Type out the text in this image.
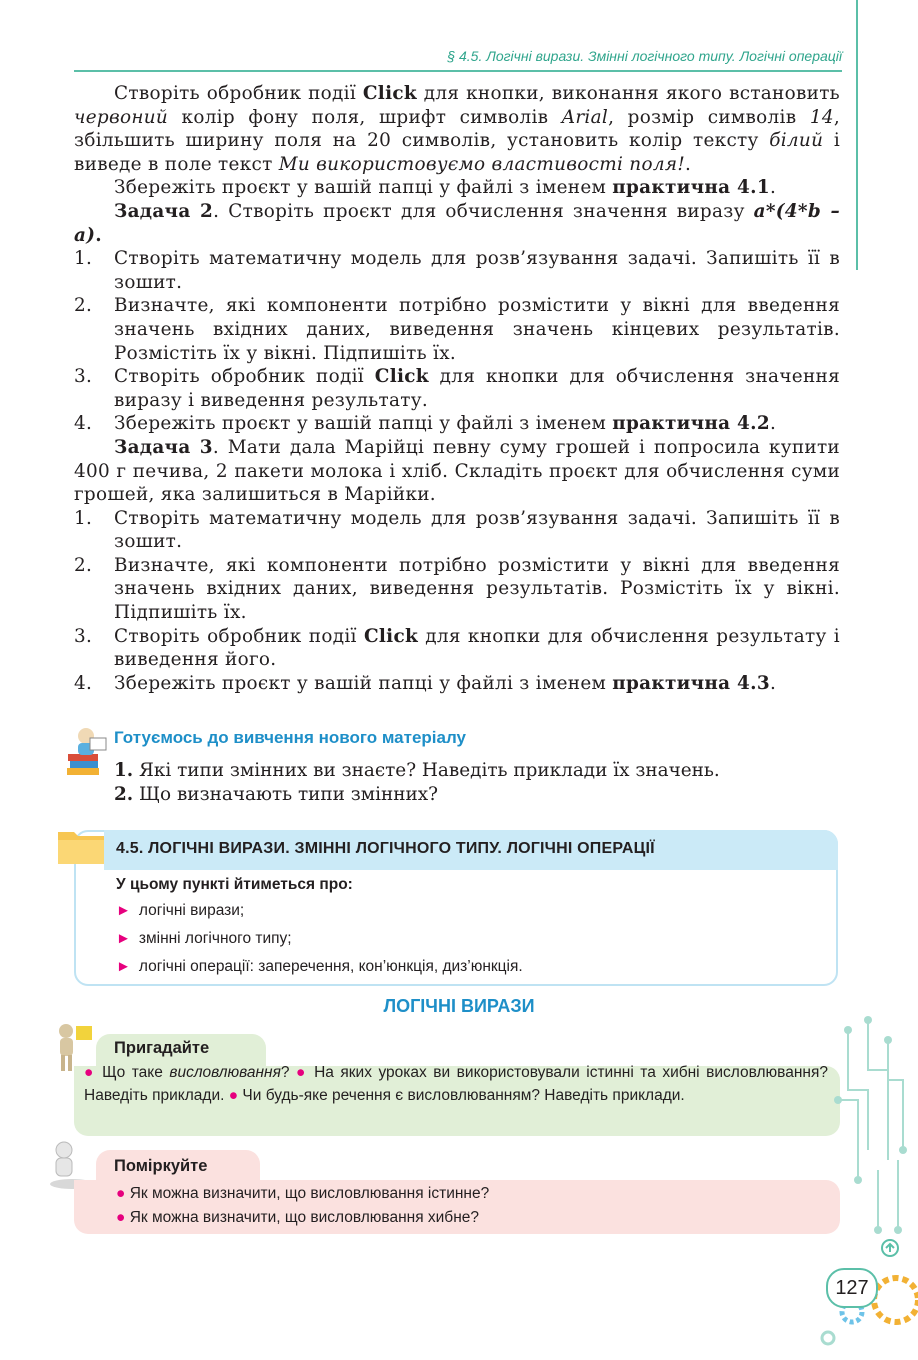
§ 4.5. Логічні вирази. Змінні логічного типу. Логічні операції

Створіть обробник події Click для кнопки, виконання якого встановить червоний колір фону поля, шрифт символів Arial, розмір символів 14, збільшить ширину поля на 20 символів, установить колір тексту білий і виведе в поле текст Ми використовуємо властивості поля!.

Збережіть проєкт у вашій папці у файлі з іменем практична 4.1.

Задача 2. Створіть проєкт для обчислення значення виразу a*(4*b – a).

1. Створіть математичну модель для розв’язування задачі. Запишіть її в зошит.

2. Визначте, які компоненти потрібно розмістити у вікні для введення значень вхідних даних, виведення значень кінцевих результатів. Розмістіть їх у вікні. Підпишіть їх.

3. Створіть обробник події Click для кнопки для обчислення значення виразу і виведення результату.

4. Збережіть проєкт у вашій папці у файлі з іменем практична 4.2.

Задача 3. Мати дала Марійці певну суму грошей і попросила купити 400 г печива, 2 пакети молока і хліб. Складіть проєкт для обчислення суми грошей, яка залишиться в Марійки.

1. Створіть математичну модель для розв’язування задачі. Запишіть її в зошит.

2. Визначте, які компоненти потрібно розмістити у вікні для введення значень вхідних даних, виведення результатів. Розмістіть їх у вікні. Підпишіть їх.

3. Створіть обробник події Click для кнопки для обчислення результату і виведення його.

4. Збережіть проєкт у вашій папці у файлі з іменем практична 4.3.

Готуємось до вивчення нового матеріалу
1. Які типи змінних ви знаєте? Наведіть приклади їх значень.
2. Що визначають типи змінних?
4.5. ЛОГІЧНІ ВИРАЗИ. ЗМІННІ ЛОГІЧНОГО ТИПУ. ЛОГІЧНІ ОПЕРАЦІЇ
У цьому пункті йтиметься про:
► логічні вирази;
► змінні логічного типу;
► логічні операції: заперечення, кон’юнкція, диз’юнкція.
ЛОГІЧНІ ВИРАЗИ
Пригадайте
● Що таке висловлювання? ● На яких уроках ви використовували істинні та хибні висловлювання? Наведіть приклади. ● Чи будь-яке речення є висловлюванням? Наведіть приклади.
Поміркуйте
● Як можна визначити, що висловлювання істинне?
● Як можна визначити, що висловлювання хибне?
127
